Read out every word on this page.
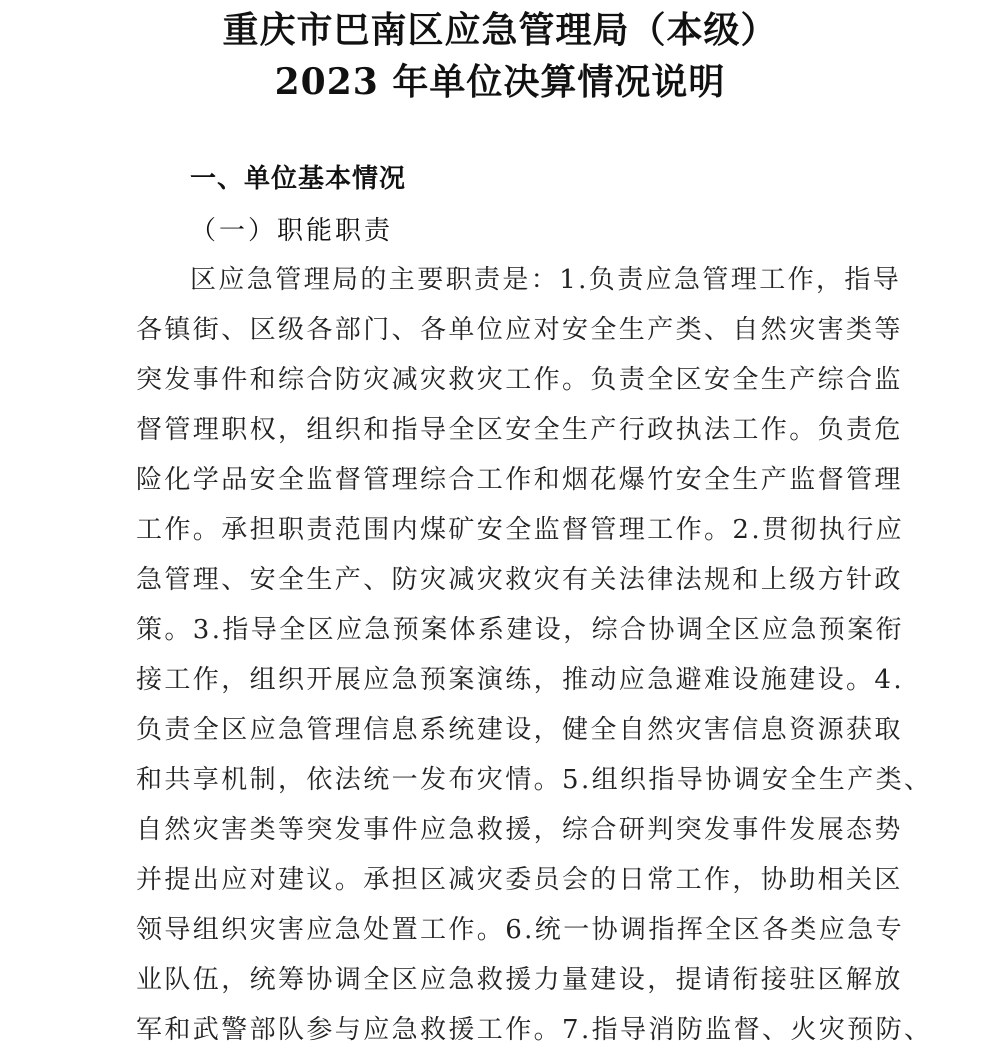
重庆市巴南区应急管理局（本级）
2023 年单位决算情况说明
一、单位基本情况
（一）职能职责
区应急管理局的主要职责是：1.负责应急管理工作，指导
各镇街、区级各部门、各单位应对安全生产类、自然灾害类等
突发事件和综合防灾减灾救灾工作。负责全区安全生产综合监
督管理职权，组织和指导全区安全生产行政执法工作。负责危
险化学品安全监督管理综合工作和烟花爆竹安全生产监督管理
工作。承担职责范围内煤矿安全监督管理工作。2.贯彻执行应
急管理、安全生产、防灾减灾救灾有关法律法规和上级方针政
策。3.指导全区应急预案体系建设，综合协调全区应急预案衔
接工作，组织开展应急预案演练，推动应急避难设施建设。4.
负责全区应急管理信息系统建设，健全自然灾害信息资源获取
和共享机制，依法统一发布灾情。5.组织指导协调安全生产类、
自然灾害类等突发事件应急救援，综合研判突发事件发展态势
并提出应对建议。承担区减灾委员会的日常工作，协助相关区
领导组织灾害应急处置工作。6.统一协调指挥全区各类应急专
业队伍，统筹协调全区应急救援力量建设，提请衔接驻区解放
军和武警部队参与应急救援工作。7.指导消防监督、火灾预防、
